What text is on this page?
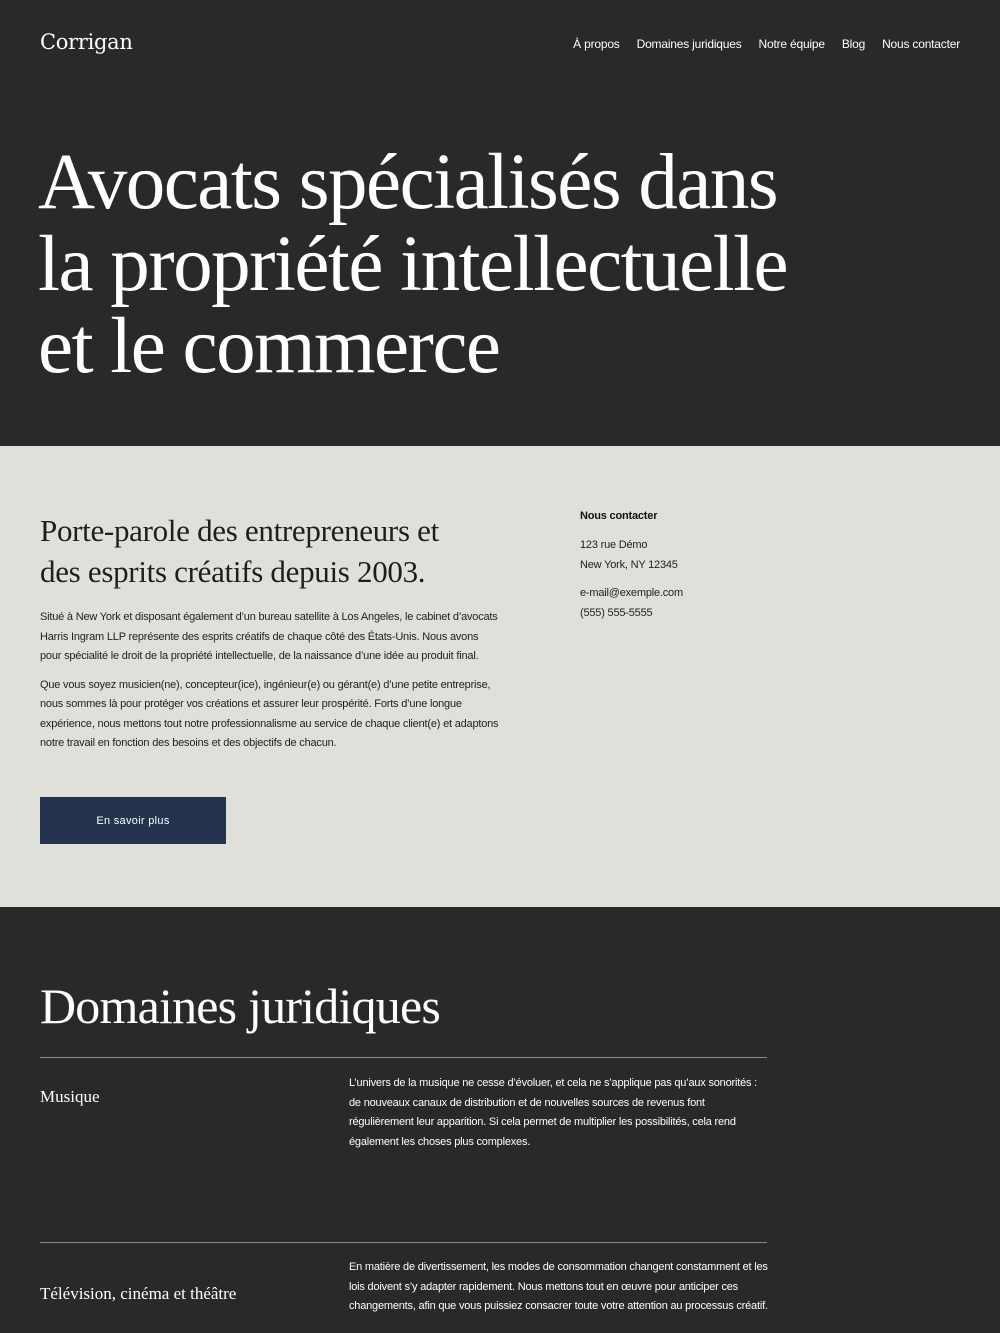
Corrigan	À propos Domaines juridiques Notre équipe Blog Nous contacter
Avocats spécialisés dans
la propriété intellectuelle
et le commerce
Porte-parole des entrepreneurs et
des esprits créatifs depuis 2003.

Situé à New York et disposant également d’un bureau satellite à Los Angeles, le cabinet d’avocats Harris Ingram LLP représente des esprits créatifs de chaque côté des États-Unis. Nous avons pour spécialité le droit de la propriété intellectuelle, de la naissance d’une idée au produit final.

Que vous soyez musicien(ne), concepteur(ice), ingénieur(e) ou gérant(e) d’une petite entreprise, nous sommes là pour protéger vos créations et assurer leur prospérité. Forts d’une longue expérience, nous mettons tout notre professionnalisme au service de chaque client(e) et adaptons notre travail en fonction des besoins et des objectifs de chacun.

En savoir plus
Nous contacter
123 rue Démo
New York, NY 12345
e-mail@exemple.com
(555) 555-5555
Domaines juridiques
Musique
L’univers de la musique ne cesse d’évoluer, et cela ne s’applique pas qu’aux sonorités : de nouveaux canaux de distribution et de nouvelles sources de revenus font régulièrement leur apparition. Si cela permet de multiplier les possibilités, cela rend également les choses plus complexes.
Télévision, cinéma et théâtre
En matière de divertissement, les modes de consommation changent constamment et les lois doivent s’y adapter rapidement. Nous mettons tout en œuvre pour anticiper ces changements, afin que vous puissiez consacrer toute votre attention au processus créatif.
